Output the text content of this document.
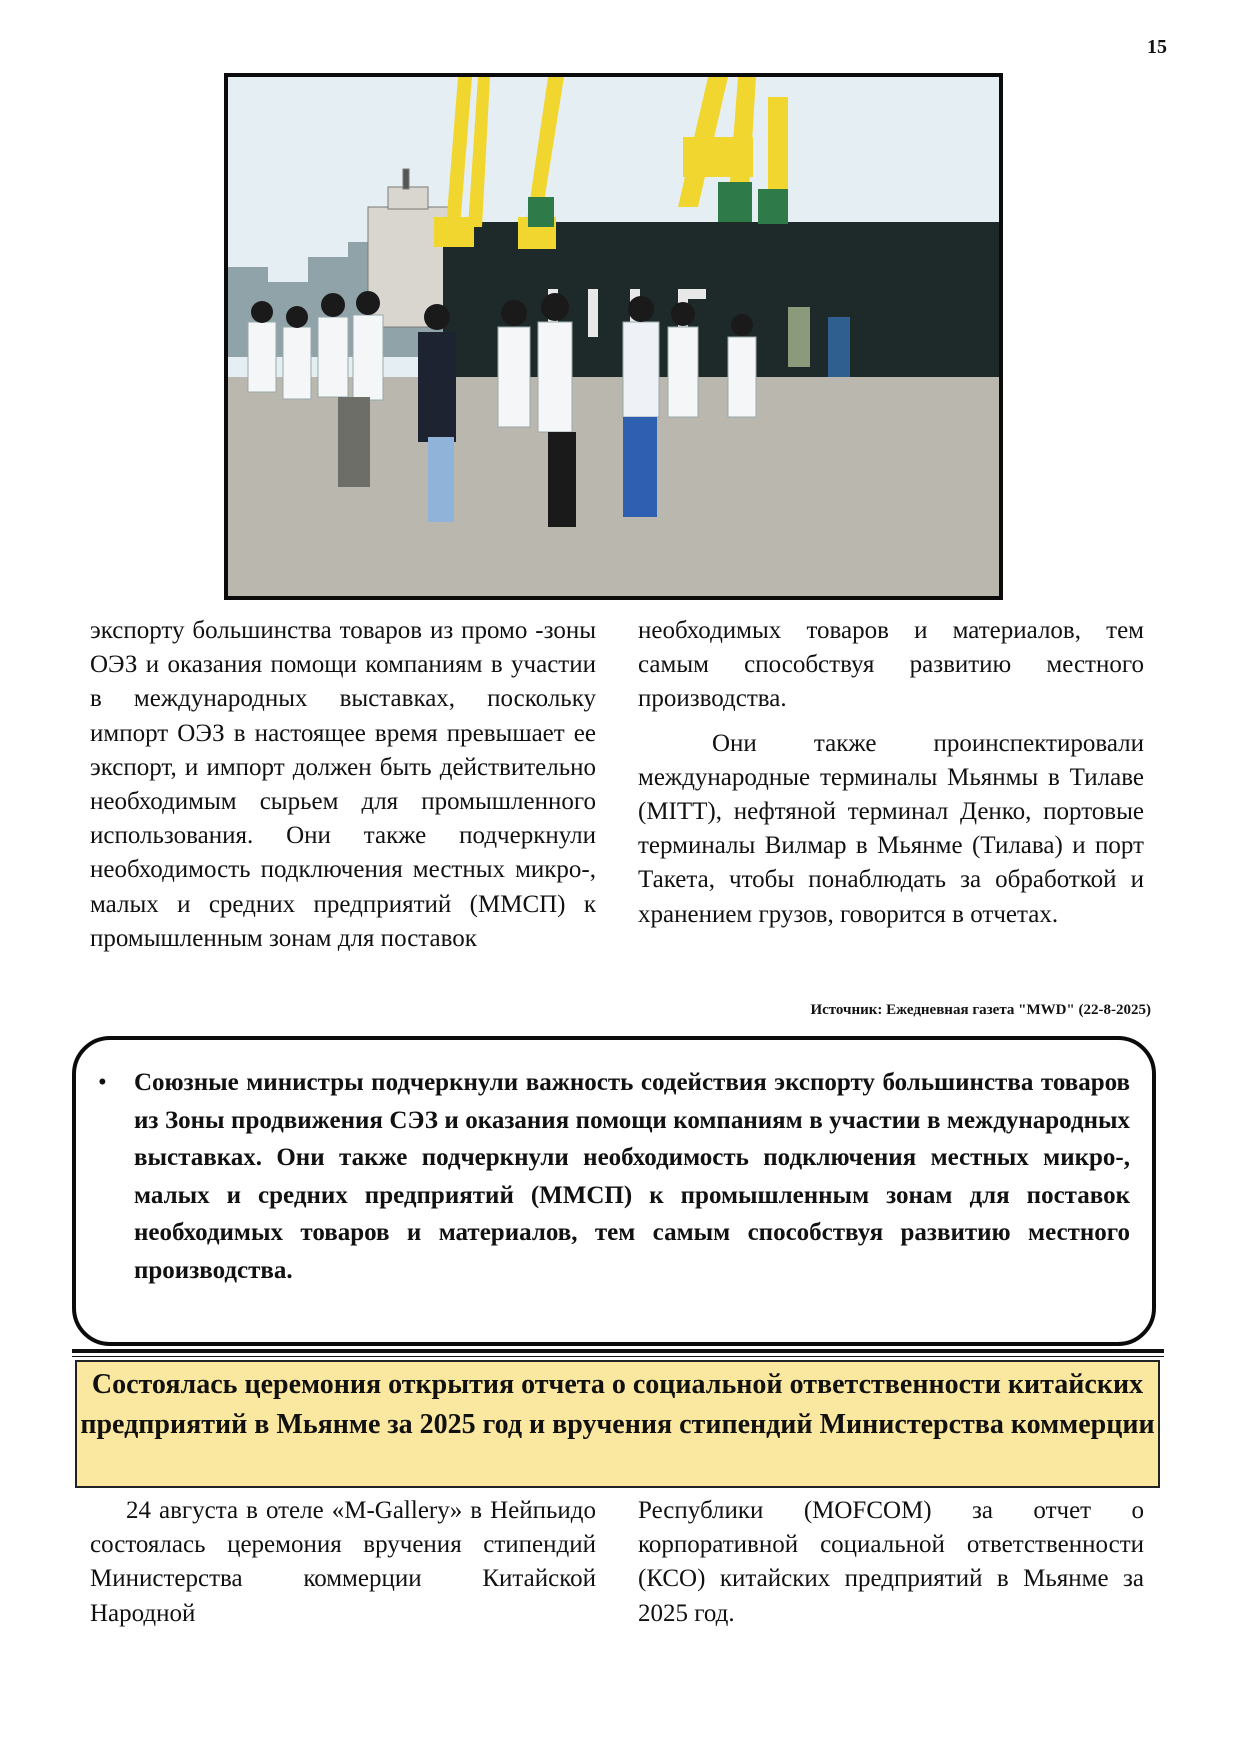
15

экспорту большинства товаров из промо -зоны ОЭЗ и оказания помощи компаниям в участии в международных выставках, поскольку импорт ОЭЗ в настоящее время превышает ее экспорт, и импорт должен быть действительно необходимым сырьем для промышленного использования. Они также подчеркнули необходимость подключения местных микро-, малых и средних предприятий (ММСП) к промышленным зонам для поставок

необходимых товаров и материалов, тем самым способствуя развитию местного производства.

Они также проинспектировали международные терминалы Мьянмы в Тилаве (MITT), нефтяной терминал Денко, портовые терминалы Вилмар в Мьянме (Тилава) и порт Такета, чтобы понаблюдать за обработкой и хранением грузов, говорится в отчетах.

Источник: Ежедневная газета "MWD" (22-8-2025)
• Союзные министры подчеркнули важность содействия экспорту большинства товаров из Зоны продвижения СЭЗ и оказания помощи компаниям в участии в международных выставках. Они также подчеркнули необходимость подключения местных микро-, малых и средних предприятий (ММСП) к промышленным зонам для поставок необходимых товаров и материалов, тем самым способствуя развитию местного производства.
Состоялась церемония открытия отчета о социальной ответственности китайских предприятий в Мьянме за 2025 год и вручения стипендий Министерства коммерции

24 августа в отеле «M-Gallery» в Нейпьидо состоялась церемония вручения стипендий Министерства коммерции Китайской Народной

Республики (MOFCOM) за отчет о корпоративной социальной ответственности (КСО) китайских предприятий в Мьянме за 2025 год.
